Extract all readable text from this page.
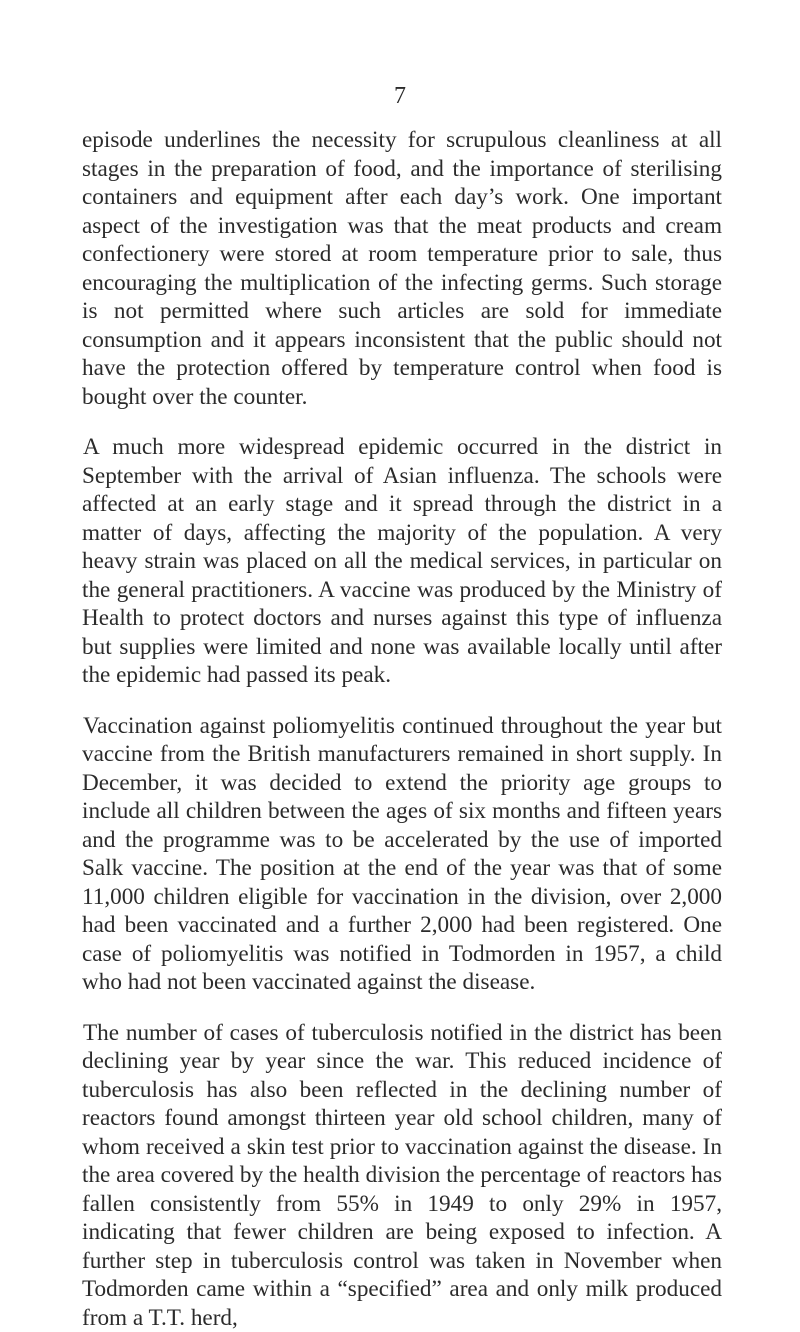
7

episode underlines the necessity for scrupulous cleanliness at all stages in the preparation of food, and the importance of sterilising containers and equipment after each day’s work. One important aspect of the investigation was that the meat products and cream confectionery were stored at room temperature prior to sale, thus encouraging the multiplication of the infecting germs. Such storage is not permitted where such articles are sold for immediate consumption and it appears inconsistent that the public should not have the protection offered by temperature control when food is bought over the counter.

A much more widespread epidemic occurred in the district in September with the arrival of Asian influenza. The schools were affected at an early stage and it spread through the district in a matter of days, affecting the majority of the population. A very heavy strain was placed on all the medical services, in particular on the general practitioners. A vaccine was produced by the Ministry of Health to protect doctors and nurses against this type of influenza but supplies were limited and none was available locally until after the epidemic had passed its peak.

Vaccination against poliomyelitis continued throughout the year but vaccine from the British manufacturers remained in short supply. In December, it was decided to extend the priority age groups to include all children between the ages of six months and fifteen years and the programme was to be accelerated by the use of imported Salk vaccine. The position at the end of the year was that of some 11,000 children eligible for vaccination in the division, over 2,000 had been vaccinated and a further 2,000 had been registered. One case of poliomyelitis was notified in Todmorden in 1957, a child who had not been vaccinated against the disease.

The number of cases of tuberculosis notified in the district has been declining year by year since the war. This reduced incidence of tuberculosis has also been reflected in the declining number of reactors found amongst thirteen year old school children, many of whom received a skin test prior to vaccination against the disease. In the area covered by the health division the percentage of reactors has fallen consistently from 55% in 1949 to only 29% in 1957, indicating that fewer children are being exposed to infection. A further step in tuberculosis control was taken in November when Todmorden came within a “specified” area and only milk produced from a T.T. herd,
